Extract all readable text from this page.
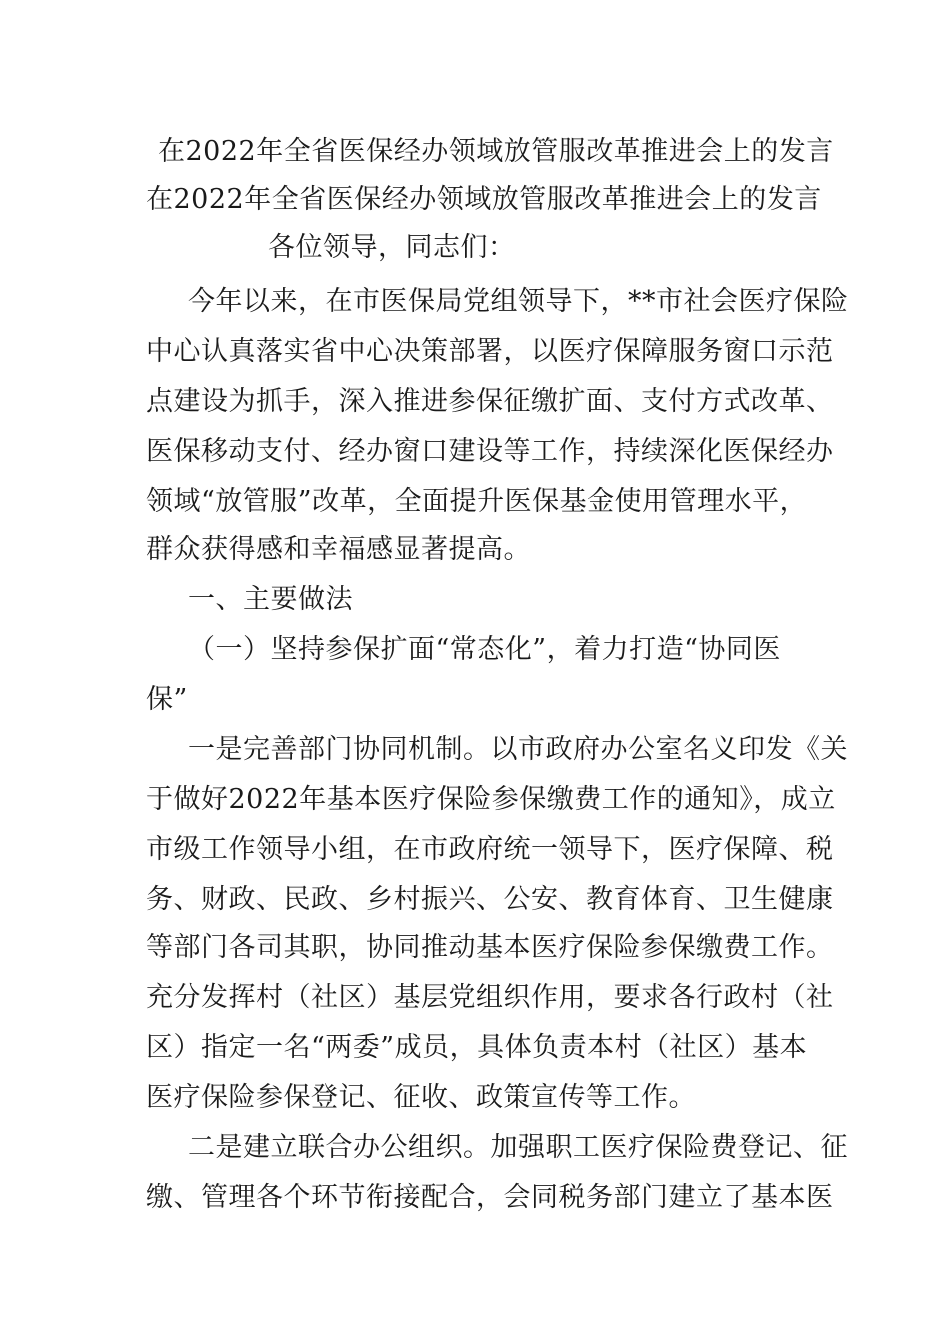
在2022年全省医保经办领域放管服改革推进会上的发言
在2022年全省医保经办领域放管服改革推进会上的发言
各位领导，同志们：
今年以来，在市医保局党组领导下，**市社会医疗保险
中心认真落实省中心决策部署，以医疗保障服务窗口示范
点建设为抓手，深入推进参保征缴扩面、支付方式改革、
医保移动支付、经办窗口建设等工作，持续深化医保经办
领域“放管服”改革，全面提升医保基金使用管理水平，
群众获得感和幸福感显著提高。
一、主要做法
（一）坚持参保扩面“常态化”，着力打造“协同医
保”
一是完善部门协同机制。以市政府办公室名义印发《关
于做好2022年基本医疗保险参保缴费工作的通知》，成立
市级工作领导小组，在市政府统一领导下，医疗保障、税
务、财政、民政、乡村振兴、公安、教育体育、卫生健康
等部门各司其职，协同推动基本医疗保险参保缴费工作。
充分发挥村（社区）基层党组织作用，要求各行政村（社
区）指定一名“两委”成员，具体负责本村（社区）基本
医疗保险参保登记、征收、政策宣传等工作。
二是建立联合办公组织。加强职工医疗保险费登记、征
缴、管理各个环节衔接配合，会同税务部门建立了基本医
